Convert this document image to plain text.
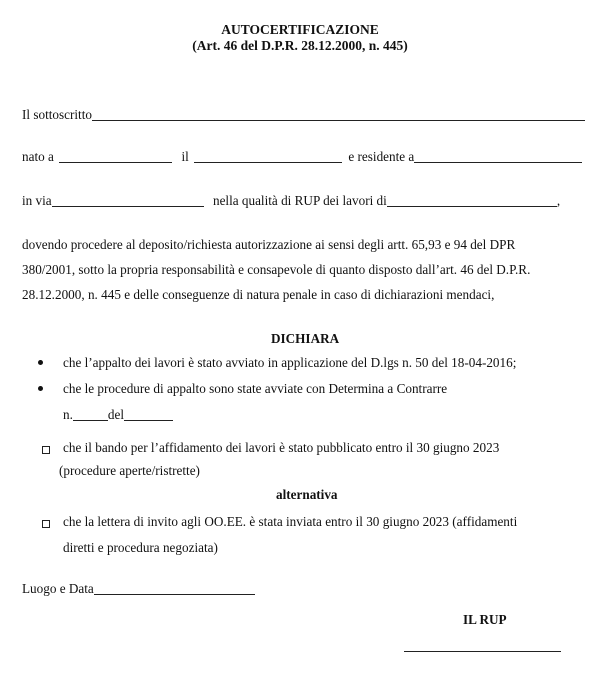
AUTOCERTIFICAZIONE
(Art. 46 del D.P.R. 28.12.2000, n. 445)
Il sottoscritto
nato a	il	e residente a
in via	nella qualità di RUP dei lavori di	,
dovendo procedere al deposito/richiesta autorizzazione ai sensi degli artt. 65,93 e 94 del DPR
380/2001, sotto la propria responsabilità e consapevole di quanto disposto dall’art. 46 del D.P.R.
28.12.2000, n. 445 e delle conseguenze di natura penale in caso di dichiarazioni mendaci,
DICHIARA
che l’appalto dei lavori è stato avviato in applicazione del D.lgs n. 50 del 18-04-2016;
che le procedure di appalto sono state avviate con Determina a Contrarre
n.	del
che il bando per l’affidamento dei lavori è stato pubblicato entro il 30 giugno 2023
(procedure aperte/ristrette)
alternativa
che la lettera di invito agli OO.EE. è stata inviata entro il 30 giugno 2023 (affidamenti
diretti e procedura negoziata)
Luogo e Data
IL RUP
